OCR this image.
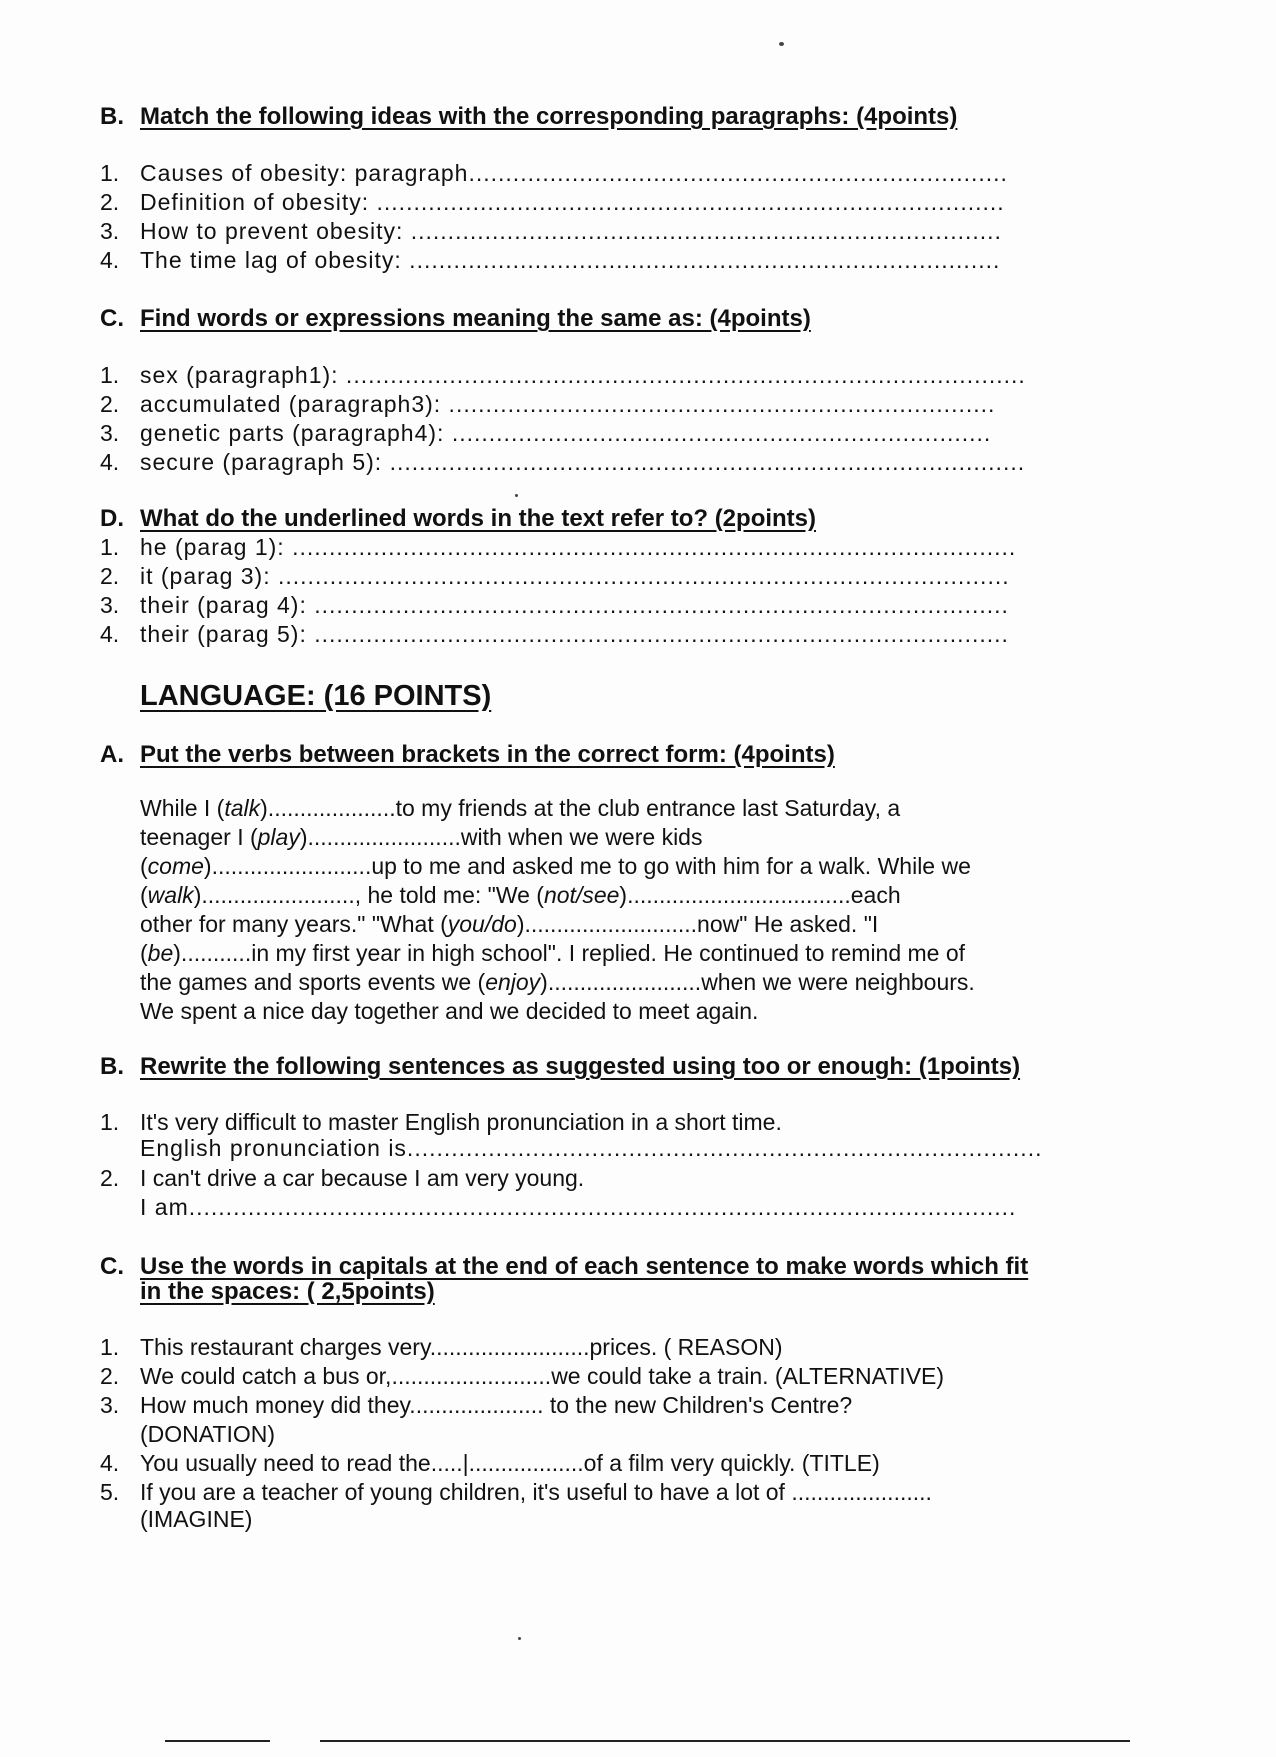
B. Match the following ideas with the corresponding paragraphs: (4points)
1. Causes of obesity: paragraph.........................................................................
2. Definition of obesity: .....................................................................................
3. How to prevent obesity: ................................................................................
4. The time lag of obesity: ................................................................................
C. Find words or expressions meaning the same as: (4points)
1. sex (paragraph1): ............................................................................................
2. accumulated (paragraph3): ..........................................................................
3. genetic parts (paragraph4): .........................................................................
4. secure (paragraph 5): ......................................................................................
D. What do the underlined words in the text refer to? (2points)
1. he (parag 1): ..................................................................................................
2. it (parag 3): ...................................................................................................
3. their (parag 4): ..............................................................................................
4. their (parag 5): ..............................................................................................
LANGUAGE: (16 POINTS)
A. Put the verbs between brackets in the correct form: (4points)
While I (talk)....................to my friends at the club entrance last Saturday, a
teenager I (play)........................with when we were kids
(come).........................up to me and asked me to go with him for a walk. While we
(walk)........................, he told me: "We (not/see)...................................each
other for many years." "What (you/do)...........................now" He asked. "I
(be)...........in my first year in high school". I replied. He continued to remind me of
the games and sports events we (enjoy)........................when we were neighbours.
We spent a nice day together and we decided to meet again.
B. Rewrite the following sentences as suggested using too or enough: (1points)
1. It's very difficult to master English pronunciation in a short time.
English pronunciation is......................................................................................
2. I can't drive a car because I am very young.
I am................................................................................................................
C. Use the words in capitals at the end of each sentence to make words which fit
in the spaces: ( 2,5points)
1. This restaurant charges very.........................prices. ( REASON)
2. We could catch a bus or,.........................we could take a train. (ALTERNATIVE)
3. How much money did they..................... to the new Children's Centre?
(DONATION)
4. You usually need to read the.....|..................of a film very quickly. (TITLE)
5. If you are a teacher of young children, it's useful to have a lot of ......................
(IMAGINE)
